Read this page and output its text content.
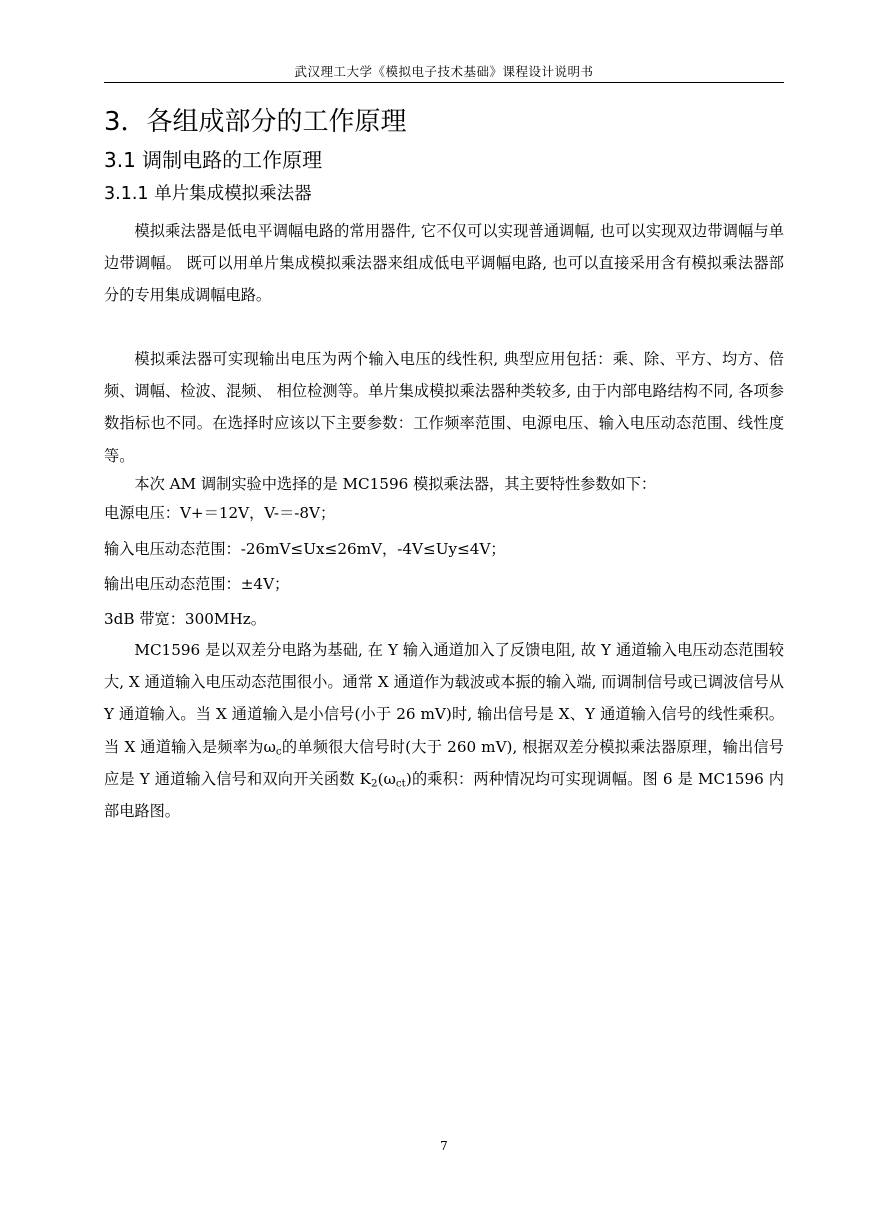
武汉理工大学《模拟电子技术基础》课程设计说明书
3．各组成部分的工作原理
3.1 调制电路的工作原理
3.1.1 单片集成模拟乘法器

模拟乘法器是低电平调幅电路的常用器件, 它不仅可以实现普通调幅, 也可以实现双边带调幅与单边带调幅。 既可以用单片集成模拟乘法器来组成低电平调幅电路, 也可以直接采用含有模拟乘法器部分的专用集成调幅电路。

模拟乘法器可实现输出电压为两个输入电压的线性积, 典型应用包括：乘、除、平方、均方、倍频、调幅、检波、混频、 相位检测等。单片集成模拟乘法器种类较多, 由于内部电路结构不同, 各项参数指标也不同。在选择时应该以下主要参数：工作频率范围、电源电压、输入电压动态范围、线性度等。

本次 AM 调制实验中选择的是 MC1596 模拟乘法器，其主要特性参数如下：

电源电压：V+＝12V，V-＝-8V；

输入电压动态范围：-26mV≤Ux≤26mV，-4V≤Uy≤4V；

输出电压动态范围：±4V；

3dB 带宽：300MHz。

MC1596 是以双差分电路为基础, 在 Y 输入通道加入了反馈电阻, 故 Y 通道输入电压动态范围较大, X 通道输入电压动态范围很小。通常 X 通道作为载波或本振的输入端, 而调制信号或已调波信号从 Y 通道输入。当 X 通道输入是小信号(小于 26 mV)时, 输出信号是 X、Y 通道输入信号的线性乘积。当 X 通道输入是频率为$\omega_c$的单频很大信号时(大于 260 mV), 根据双差分模拟乘法器原理，输出信号应是 Y 通道输入信号和双向开关函数 $K_2(\omega_{ct})$的乘积：两种情况均可实现调幅。图 6 是 MC1596 内部电路图。

7
